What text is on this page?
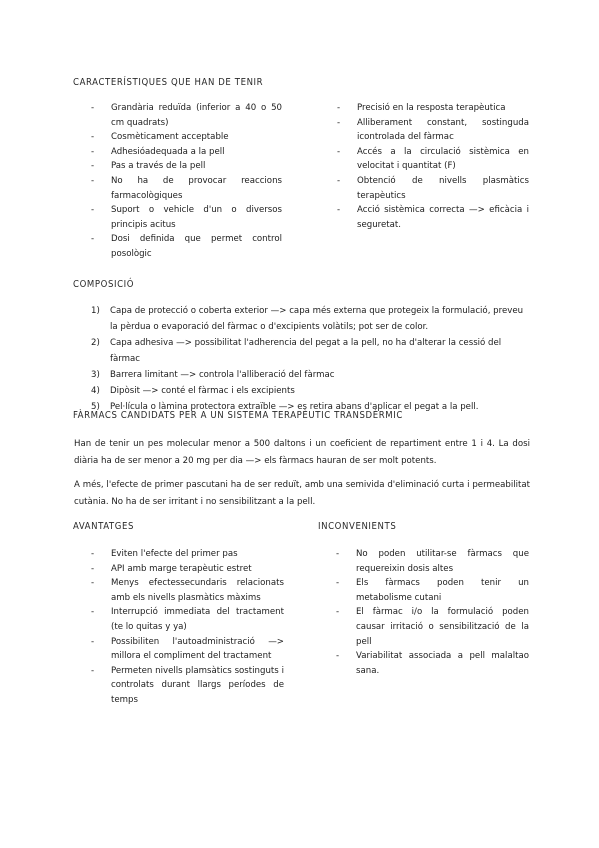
CARACTERÍSTIQUES QUE HAN DE TENIR
- Grandària reduïda (inferior a 40 o 50 cm quadrats)
- Cosmèticament acceptable
- Adhesióadequada a la pell
- Pas a través de la pell
- No ha de provocar reaccions farmacològiques
- Suport o vehicle d'un o diversos principis acitus
- Dosi definida que permet control posològic
- Precisió en la resposta terapèutica
- Alliberament constant, sostinguda icontrolada del fàrmac
- Accés a la circulació sistèmica en velocitat i quantitat (F)
- Obtenció de nivells plasmàtics terapèutics
- Acció sistèmica correcta —> eficàcia i seguretat.
COMPOSICIÓ
1) Capa de protecció o coberta exterior —> capa més externa que protegeix la formulació, preveu la pèrdua o evaporació del fàrmac o d'excipients volàtils; pot ser de color.
2) Capa adhesiva —> possibilitat l'adherencia del pegat a la pell, no ha d'alterar la cessió del fàrmac
3) Barrera limitant —> controla l'alliberació del fàrmac
4) Dipòsit —> conté el fàrmac i els excipients
5) Pel·lícula o làmina protectora extraïble —> es retira abans d'aplicar el pegat a la pell.
FÀRMACS CANDIDATS PER A UN SISTEMA TERAPÈUTIC TRANSDÈRMIC
Han de tenir un pes molecular menor a 500 daltons i un coeficient de repartiment entre 1 i 4. La dosi diària ha de ser menor a 20 mg per dia —> els fàrmacs hauran de ser molt potents.
A més, l'efecte de primer pascutani ha de ser reduït, amb una semivida d'eliminació curta i permeabilitat cutània. No ha de ser irritant i no sensibilitzant a la pell.
AVANTATGES	INCONVENIENTS
- Eviten l'efecte del primer pas
- API amb marge terapèutic estret
- Menys efectessecundaris relacionats amb els nivells plasmàtics màxims
- Interrupció immediata del tractament (te lo quitas y ya)
- Possibiliten l'autoadministració —> millora el compliment del tractament
- Permeten nivells plamsàtics sostinguts i controlats durant llargs períodes de temps
- No poden utilitar-se fàrmacs que requereixin dosis altes
- Els fàrmacs poden tenir un metabolisme cutani
- El fàrmac i/o la formulació poden causar irritació o sensibilització de la pell
- Variabilitat associada a pell malaltao sana.
